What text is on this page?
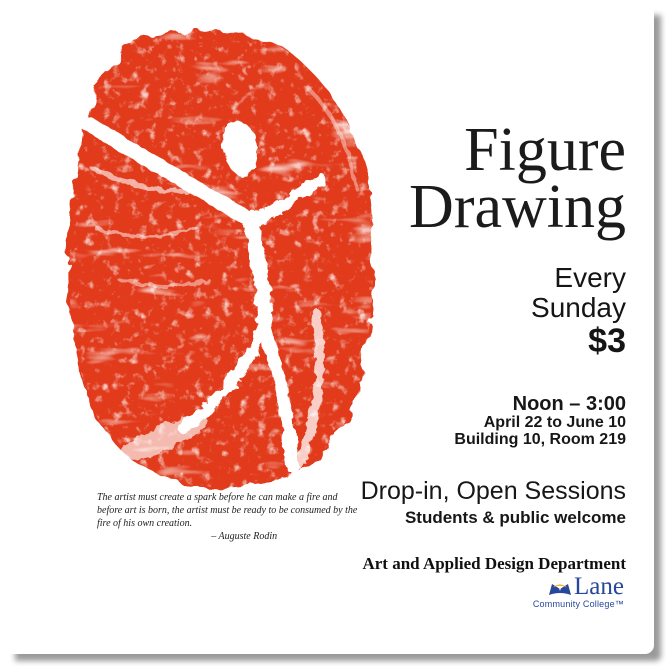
The artist must create a spark before he can make a fire and
before art is born, the artist must be ready to be consumed by the
fire of his own creation.
– Auguste Rodin
Figure
Drawing
Every
Sunday
$3
Noon – 3:00
April 22 to June 10
Building 10, Room 219
Drop-in, Open Sessions
Students & public welcome
Art and Applied Design Department
Lane
Community College™
